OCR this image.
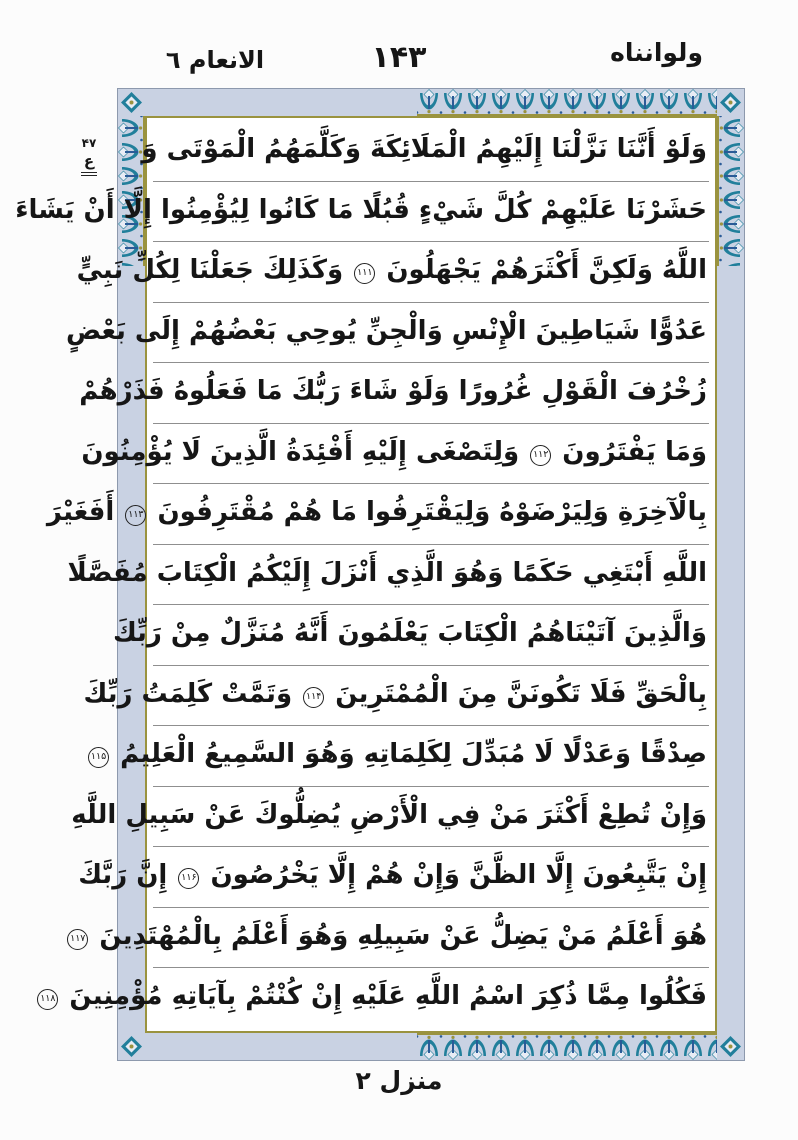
ولوانناه
۱۴۳
الانعام ٦
۴۷
ع	وَلَوْ أَنَّنَا نَزَّلْنَا إِلَيْهِمُ الْمَلَائِكَةَ وَكَلَّمَهُمُ الْمَوْتَى وَ
حَشَرْنَا عَلَيْهِمْ كُلَّ شَيْءٍ قُبُلًا مَا كَانُوا لِيُؤْمِنُوا إِلَّا أَنْ يَشَاءَ
اللَّهُ وَلَكِنَّ أَكْثَرَهُمْ يَجْهَلُونَ ۱۱۱ وَكَذَلِكَ جَعَلْنَا لِكُلِّ نَبِيٍّ
عَدُوًّا شَيَاطِينَ الْإِنْسِ وَالْجِنِّ يُوحِي بَعْضُهُمْ إِلَى بَعْضٍ
زُخْرُفَ الْقَوْلِ غُرُورًا وَلَوْ شَاءَ رَبُّكَ مَا فَعَلُوهُ فَذَرْهُمْ
وَمَا يَفْتَرُونَ ۱۱۲ وَلِتَصْغَى إِلَيْهِ أَفْئِدَةُ الَّذِينَ لَا يُؤْمِنُونَ
بِالْآخِرَةِ وَلِيَرْضَوْهُ وَلِيَقْتَرِفُوا مَا هُمْ مُقْتَرِفُونَ ۱۱۳ أَفَغَيْرَ
اللَّهِ أَبْتَغِي حَكَمًا وَهُوَ الَّذِي أَنْزَلَ إِلَيْكُمُ الْكِتَابَ مُفَصَّلًا
وَالَّذِينَ آتَيْنَاهُمُ الْكِتَابَ يَعْلَمُونَ أَنَّهُ مُنَزَّلٌ مِنْ رَبِّكَ
بِالْحَقِّ فَلَا تَكُونَنَّ مِنَ الْمُمْتَرِينَ ۱۱۴ وَتَمَّتْ كَلِمَتُ رَبِّكَ
صِدْقًا وَعَدْلًا لَا مُبَدِّلَ لِكَلِمَاتِهِ وَهُوَ السَّمِيعُ الْعَلِيمُ ۱۱۵
وَإِنْ تُطِعْ أَكْثَرَ مَنْ فِي الْأَرْضِ يُضِلُّوكَ عَنْ سَبِيلِ اللَّهِ
إِنْ يَتَّبِعُونَ إِلَّا الظَّنَّ وَإِنْ هُمْ إِلَّا يَخْرُصُونَ ۱۱۶ إِنَّ رَبَّكَ
هُوَ أَعْلَمُ مَنْ يَضِلُّ عَنْ سَبِيلِهِ وَهُوَ أَعْلَمُ بِالْمُهْتَدِينَ ۱۱۷
فَكُلُوا مِمَّا ذُكِرَ اسْمُ اللَّهِ عَلَيْهِ إِنْ كُنْتُمْ بِآيَاتِهِ مُؤْمِنِينَ ۱۱۸
منزل ۲
